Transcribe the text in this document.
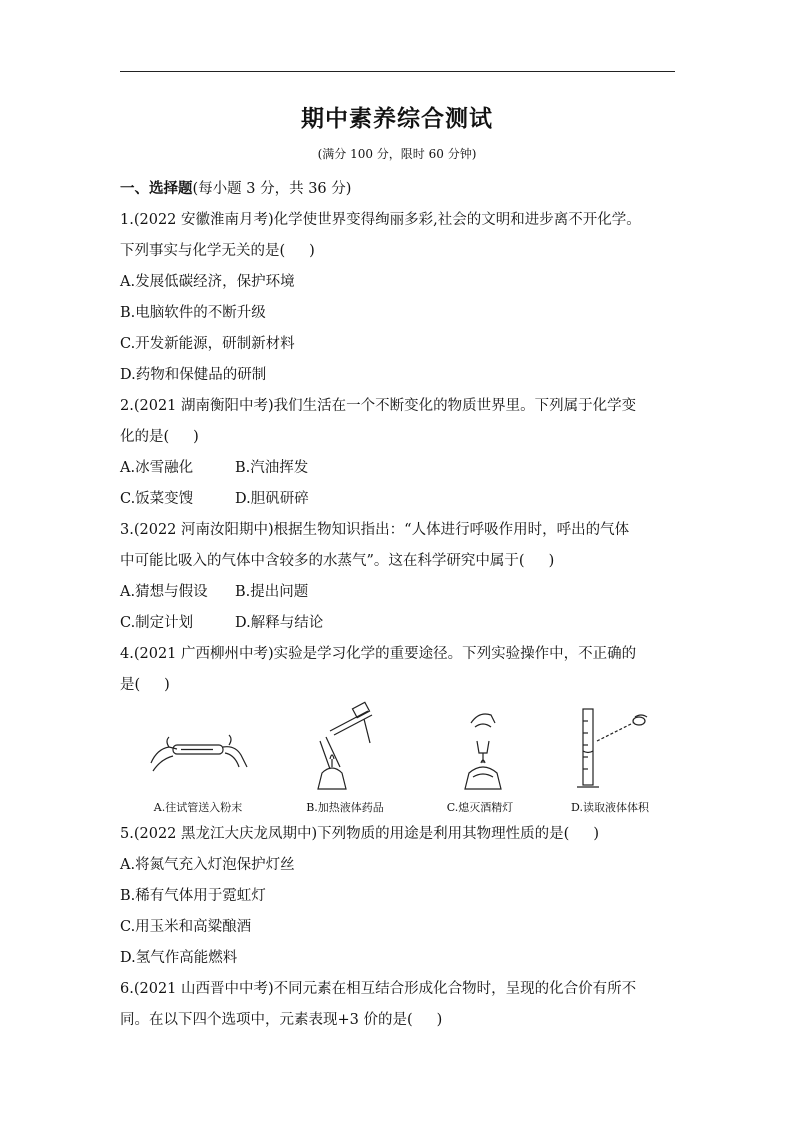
期中素养综合测试
(满分 100 分，限时 60 分钟)
一、选择题(每小题 3 分，共 36 分)
1.(2022 安徽淮南月考)化学使世界变得绚丽多彩,社会的文明和进步离不开化学。
下列事实与化学无关的是( )
A.发展低碳经济，保护环境
B.电脑软件的不断升级
C.开发新能源，研制新材料
D.药物和保健品的研制
2.(2021 湖南衡阳中考)我们生活在一个不断变化的物质世界里。下列属于化学变
化的是( )
A.冰雪融化	B.汽油挥发
C.饭菜变馊	D.胆矾研碎
3.(2022 河南汝阳期中)根据生物知识指出：“人体进行呼吸作用时，呼出的气体
中可能比吸入的气体中含较多的水蒸气”。这在科学研究中属于( )
A.猜想与假设 B.提出问题
C.制定计划	D.解释与结论
4.(2021 广西柳州中考)实验是学习化学的重要途径。下列实验操作中，不正确的
是( )
A.往试管送入粉末	B.加热液体药品	C.熄灭酒精灯	D.读取液体体积
5.(2022 黑龙江大庆龙凤期中)下列物质的用途是利用其物理性质的是( )
A.将氮气充入灯泡保护灯丝
B.稀有气体用于霓虹灯
C.用玉米和高粱酿酒
D.氢气作高能燃料
6.(2021 山西晋中中考)不同元素在相互结合形成化合物时，呈现的化合价有所不
同。在以下四个选项中，元素表现+3 价的是( )
